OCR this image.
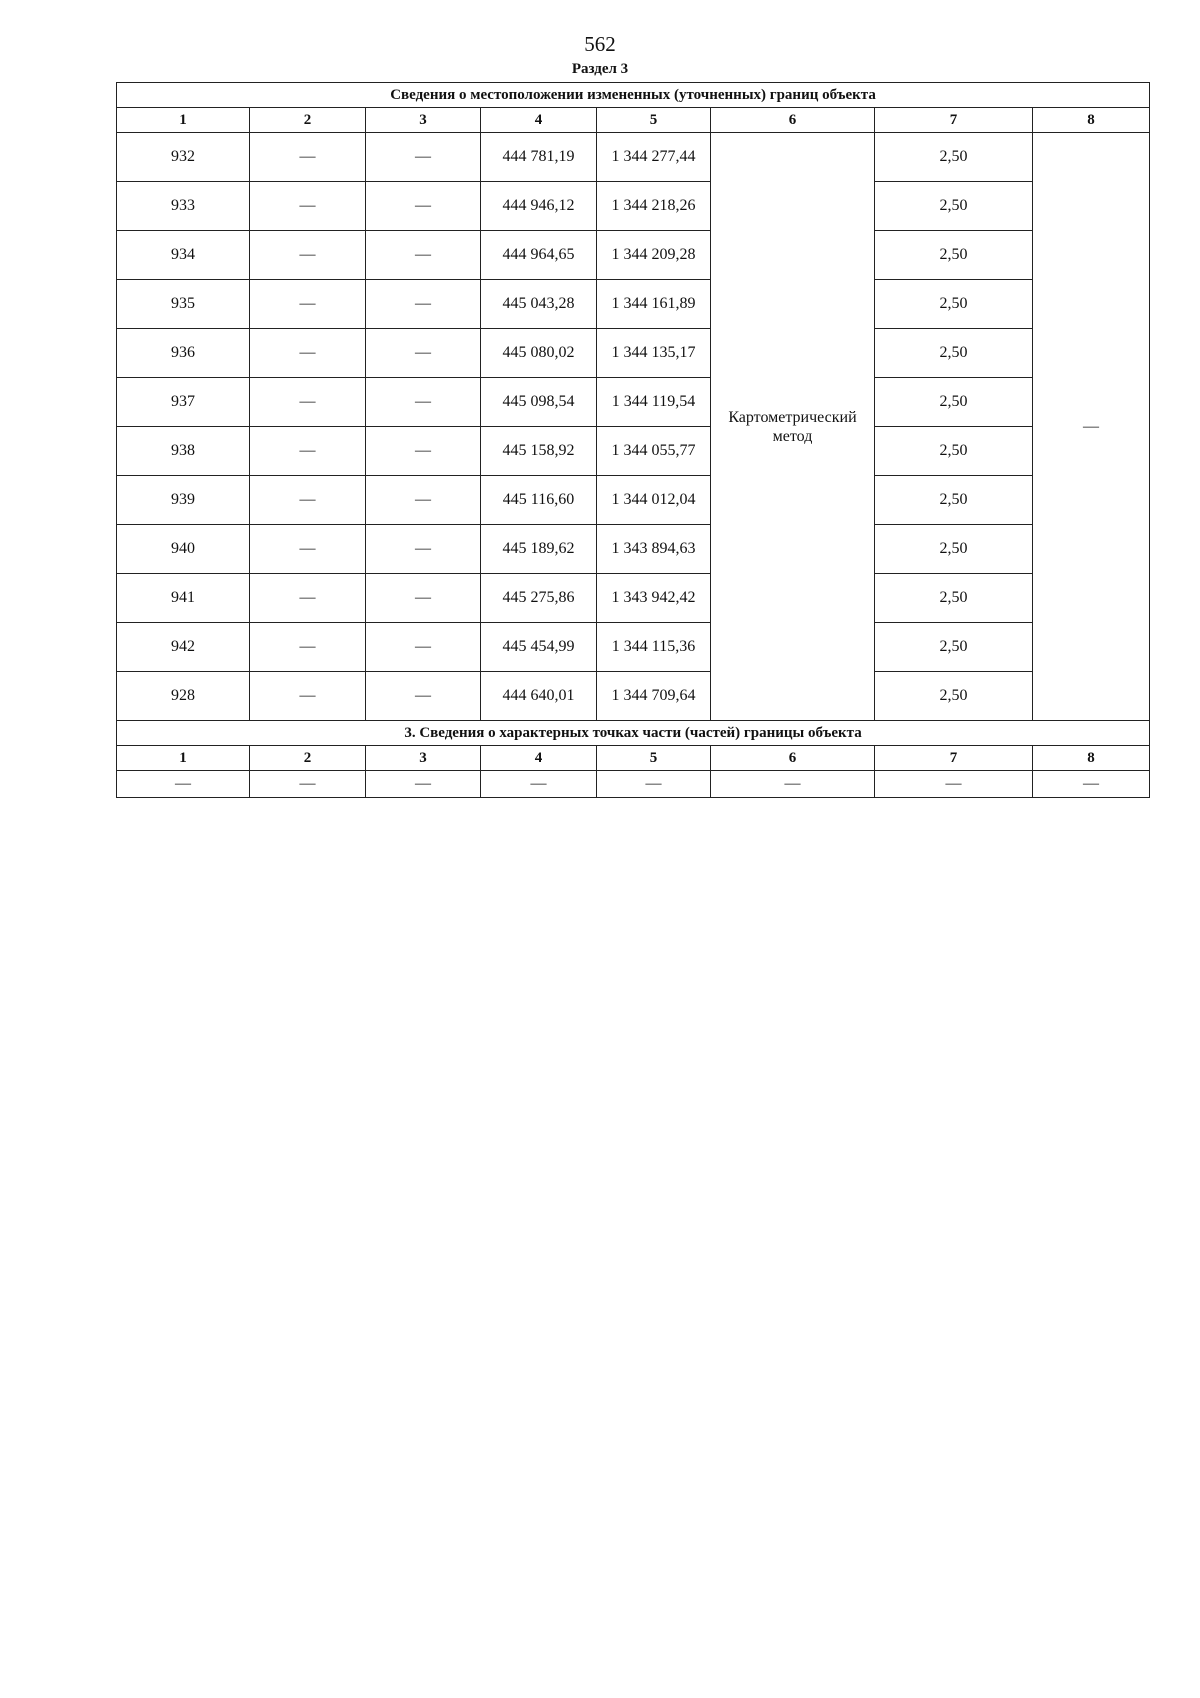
562
Раздел 3
Сведения о местоположении измененных (уточненных) границ объекта							
1	2	3	4	5	6	7	8
932	—	—	444 781,19	1 344 277,44	Картометрический метод	2,50	—
933	—	—	444 946,12	1 344 218,26		2,50	
934	—	—	444 964,65	1 344 209,28		2,50	
935	—	—	445 043,28	1 344 161,89		2,50	
936	—	—	445 080,02	1 344 135,17		2,50	
937	—	—	445 098,54	1 344 119,54		2,50	
938	—	—	445 158,92	1 344 055,77		2,50	
939	—	—	445 116,60	1 344 012,04		2,50	
940	—	—	445 189,62	1 343 894,63		2,50	
941	—	—	445 275,86	1 343 942,42		2,50	
942	—	—	445 454,99	1 344 115,36		2,50	
928	—	—	444 640,01	1 344 709,64		2,50	
3. Сведения о характерных точках части (частей) границы объекта							
1	2	3	4	5	6	7	8
—	—	—	—	—	—	—	—
